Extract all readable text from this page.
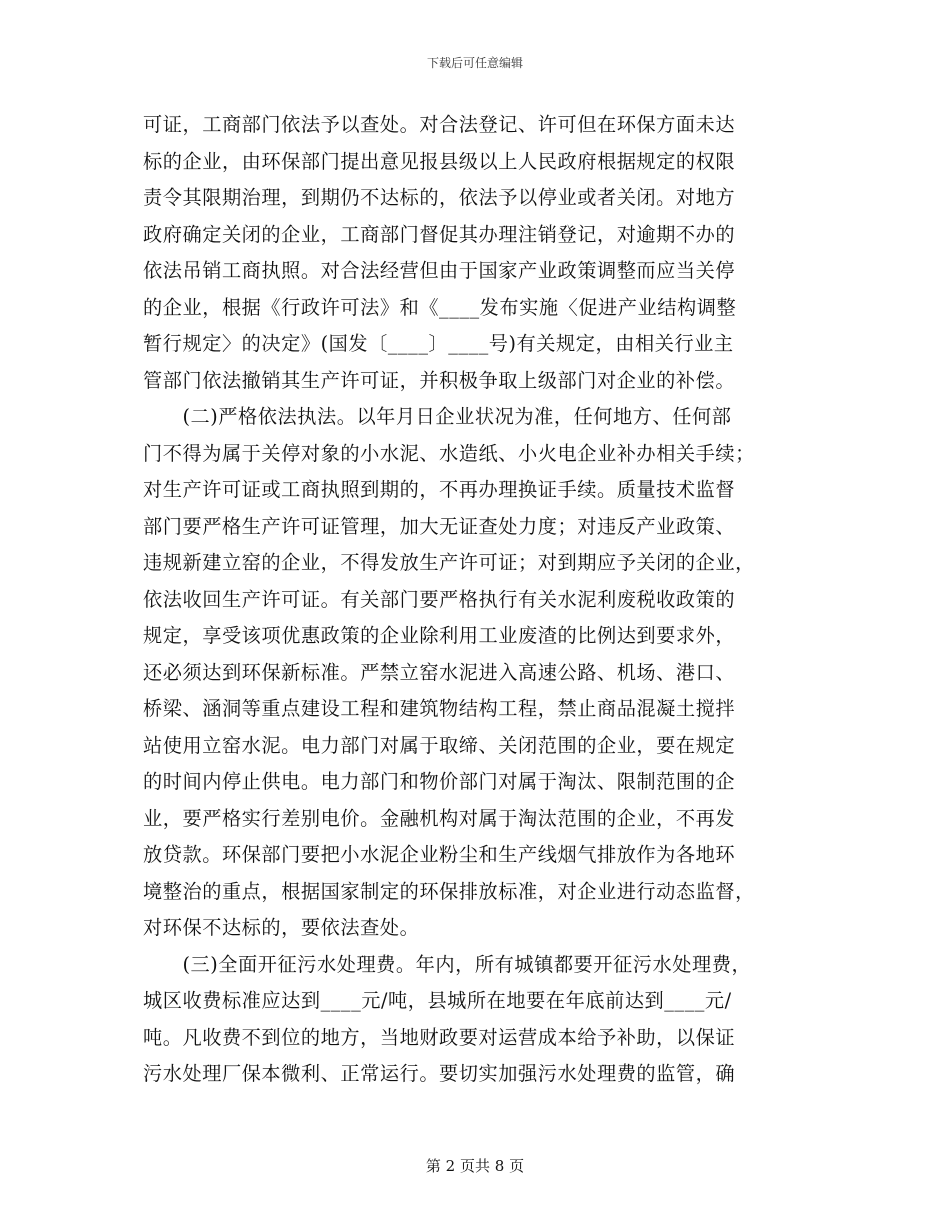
下载后可任意编辑
可证，工商部门依法予以查处。对合法登记、许可但在环保方面未达
标的企业，由环保部门提出意见报县级以上人民政府根据规定的权限
责令其限期治理，到期仍不达标的，依法予以停业或者关闭。对地方
政府确定关闭的企业，工商部门督促其办理注销登记，对逾期不办的
依法吊销工商执照。对合法经营但由于国家产业政策调整而应当关停
的企业，根据《行政许可法》和《____发布实施〈促进产业结构调整
暂行规定〉的决定》(国发〔____〕____号)有关规定，由相关行业主
管部门依法撤销其生产许可证，并积极争取上级部门对企业的补偿。
　　(二)严格依法执法。以年月日企业状况为准，任何地方、任何部
门不得为属于关停对象的小水泥、水造纸、小火电企业补办相关手续；
对生产许可证或工商执照到期的，不再办理换证手续。质量技术监督
部门要严格生产许可证管理，加大无证查处力度；对违反产业政策、
违规新建立窑的企业，不得发放生产许可证；对到期应予关闭的企业，
依法收回生产许可证。有关部门要严格执行有关水泥利废税收政策的
规定，享受该项优惠政策的企业除利用工业废渣的比例达到要求外，
还必须达到环保新标准。严禁立窑水泥进入高速公路、机场、港口、
桥梁、涵洞等重点建设工程和建筑物结构工程，禁止商品混凝土搅拌
站使用立窑水泥。电力部门对属于取缔、关闭范围的企业，要在规定
的时间内停止供电。电力部门和物价部门对属于淘汰、限制范围的企
业，要严格实行差别电价。金融机构对属于淘汰范围的企业，不再发
放贷款。环保部门要把小水泥企业粉尘和生产线烟气排放作为各地环
境整治的重点，根据国家制定的环保排放标准，对企业进行动态监督，
对环保不达标的，要依法查处。
　　(三)全面开征污水处理费。年内，所有城镇都要开征污水处理费，
城区收费标准应达到____元/吨，县城所在地要在年底前达到____元/
吨。凡收费不到位的地方，当地财政要对运营成本给予补助，以保证
污水处理厂保本微利、正常运行。要切实加强污水处理费的监管，确
第 2 页共 8 页
